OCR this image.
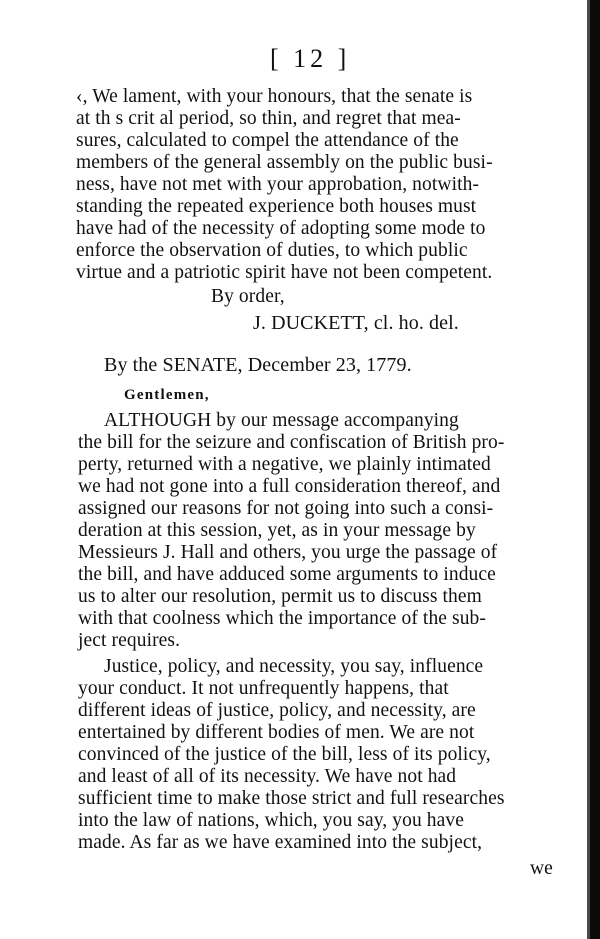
[ 12 ]
‹, We lament, with your honours, that the senate is
at th s crit al period, so thin, and regret that mea-
sures, calculated to compel the attendance of the
members of the general assembly on the public busi-
ness, have not met with your approbation, notwith-
standing the repeated experience both houses must
have had of the necessity of adopting some mode to
enforce the observation of duties, to which public
virtue and a patriotic spirit have not been competent.
By order,
J. DUCKETT, cl. ho. del.
By the SENATE, December 23, 1779.
Gentlemen,
ALTHOUGH by our message accompanying
the bill for the seizure and confiscation of British pro-
perty, returned with a negative, we plainly intimated
we had not gone into a full consideration thereof, and
assigned our reasons for not going into such a consi-
deration at this session, yet, as in your message by
Messieurs J. Hall and others, you urge the passage of
the bill, and have adduced some arguments to induce
us to alter our resolution, permit us to discuss them
with that coolness which the importance of the sub-
ject requires.
Justice, policy, and necessity, you say, influence
your conduct. It not unfrequently happens, that
different ideas of justice, policy, and necessity, are
entertained by different bodies of men. We are not
convinced of the justice of the bill, less of its policy,
and least of all of its necessity. We have not had
sufficient time to make those strict and full researches
into the law of nations, which, you say, you have
made. As far as we have examined into the subject,
we
